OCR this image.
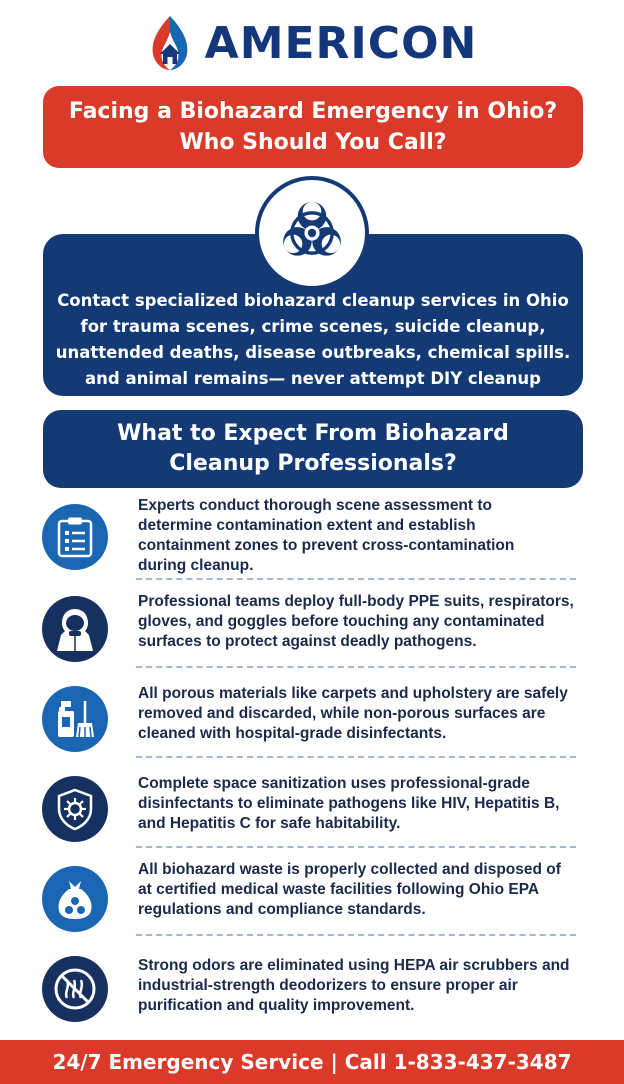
AMERICON
Facing a Biohazard Emergency in Ohio?
Who Should You Call?
Contact specialized biohazard cleanup services in Ohio
for trauma scenes, crime scenes, suicide cleanup,
unattended deaths, disease outbreaks, chemical spills.
and animal remains— never attempt DIY cleanup
What to Expect From Biohazard
Cleanup Professionals?
Experts conduct thorough scene assessment to
determine contamination extent and establish
containment zones to prevent cross-contamination
during cleanup.
Professional teams deploy full-body PPE suits, respirators,
gloves, and goggles before touching any contaminated
surfaces to protect against deadly pathogens.
All porous materials like carpets and upholstery are safely
removed and discarded, while non-porous surfaces are
cleaned with hospital-grade disinfectants.
Complete space sanitization uses professional-grade
disinfectants to eliminate pathogens like HIV, Hepatitis B,
and Hepatitis C for safe habitability.
All biohazard waste is properly collected and disposed of
at certified medical waste facilities following Ohio EPA
regulations and compliance standards.
Strong odors are eliminated using HEPA air scrubbers and
industrial-strength deodorizers to ensure proper air
purification and quality improvement.
24/7 Emergency Service | Call 1-833-437-3487
